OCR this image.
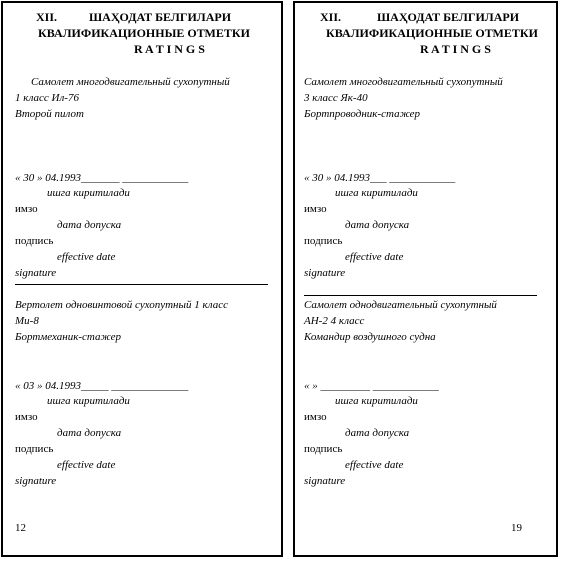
XII.	ШАҲОДАТ БЕЛГИЛАРИ
КВАЛИФИКАЦИОННЫЕ ОТМЕТКИ
R A T I N G S
Самолет многодвигательный сухопутный
1 класс Ил-76
Второй пилот
« 30 » 04.1993_______ ____________
ишга киритилади
имзо
дата допуска
подпись
effective date
signature
Вертолет одновинтовой сухопутный 1 класс
Ми-8
Бортмеханик-стажер
« 03 » 04.1993_____ ______________
ишга киритилади
имзо
дата допуска
подпись
effective date
signature
12
XII.	ШАҲОДАТ БЕЛГИЛАРИ
КВАЛИФИКАЦИОННЫЕ ОТМЕТКИ
R A T I N G S
Самолет многодвигательный сухопутный
3 класс Як-40
Бортпроводник-стажер
« 30 » 04.1993___ ____________
ишга киритилади
имзо
дата допуска
подпись
effective date
signature
Самолет однодвигательный сухопутный
АН-2 4 класс
Командир воздушного судна
« » _________ ____________
ишга киритилади
имзо
дата допуска
подпись
effective date
signature
19
